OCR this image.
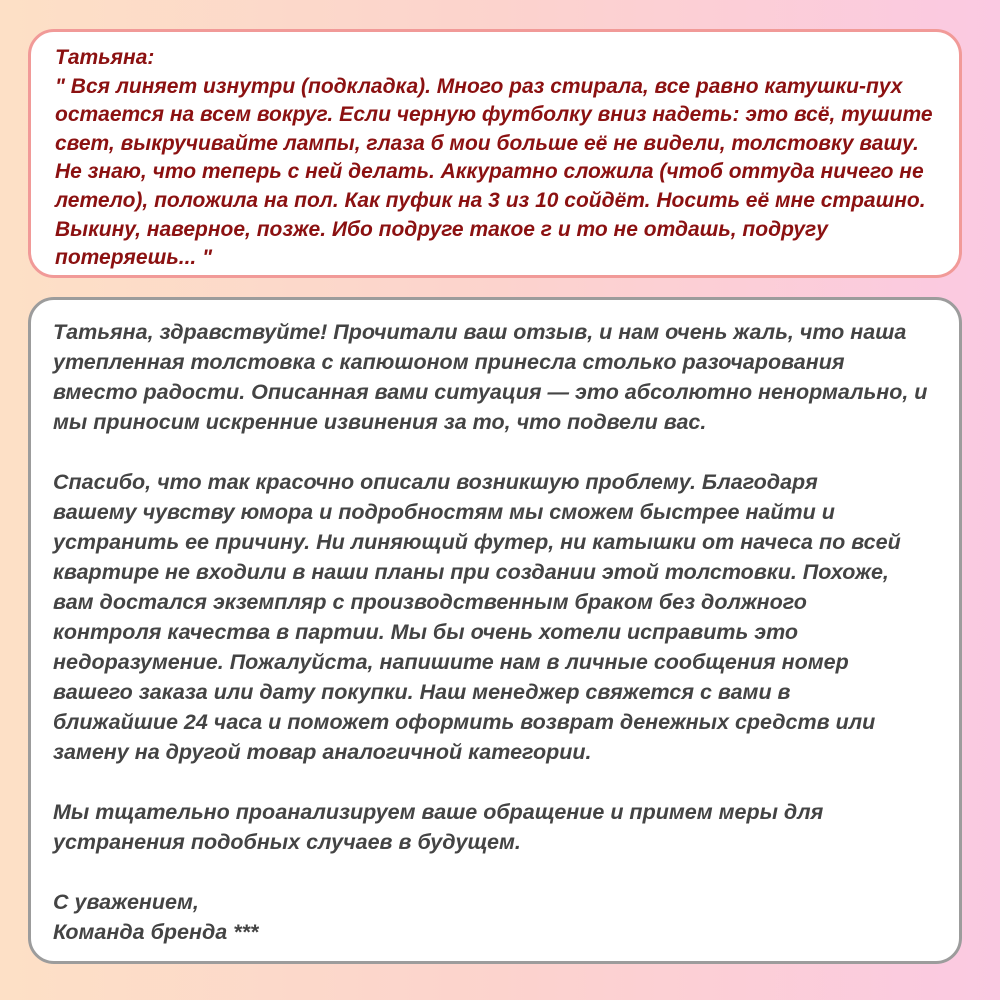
Татьяна:
" Вся линяет изнутри (подкладка). Много раз стирала, все равно катушки-пух
остается на всем вокруг. Если черную футболку вниз надеть: это всё, тушите
свет, выкручивайте лампы, глаза б мои больше её не видели, толстовку вашу.
Не знаю, что теперь с ней делать. Аккуратно сложила (чтоб оттуда ничего не
летело), положила на пол. Как пуфик на 3 из 10 сойдёт. Носить её мне страшно.
Выкину, наверное, позже. Ибо подруге такое г и то не отдашь, подругу
потеряешь... "
Татьяна, здравствуйте! Прочитали ваш отзыв, и нам очень жаль, что наша
утепленная толстовка с капюшоном принесла столько разочарования
вместо радости. Описанная вами ситуация — это абсолютно ненормально, и
мы приносим искренние извинения за то, что подвели вас.
Спасибо, что так красочно описали возникшую проблему. Благодаря
вашему чувству юмора и подробностям мы сможем быстрее найти и
устранить ее причину. Ни линяющий футер, ни катышки от начеса по всей
квартире не входили в наши планы при создании этой толстовки. Похоже,
вам достался экземпляр с производственным браком без должного
контроля качества в партии. Мы бы очень хотели исправить это
недоразумение. Пожалуйста, напишите нам в личные сообщения номер
вашего заказа или дату покупки. Наш менеджер свяжется с вами в
ближайшие 24 часа и поможет оформить возврат денежных средств или
замену на другой товар аналогичной категории.
Мы тщательно проанализируем ваше обращение и примем меры для
устранения подобных случаев в будущем.
С уважением,
Команда бренда ***
